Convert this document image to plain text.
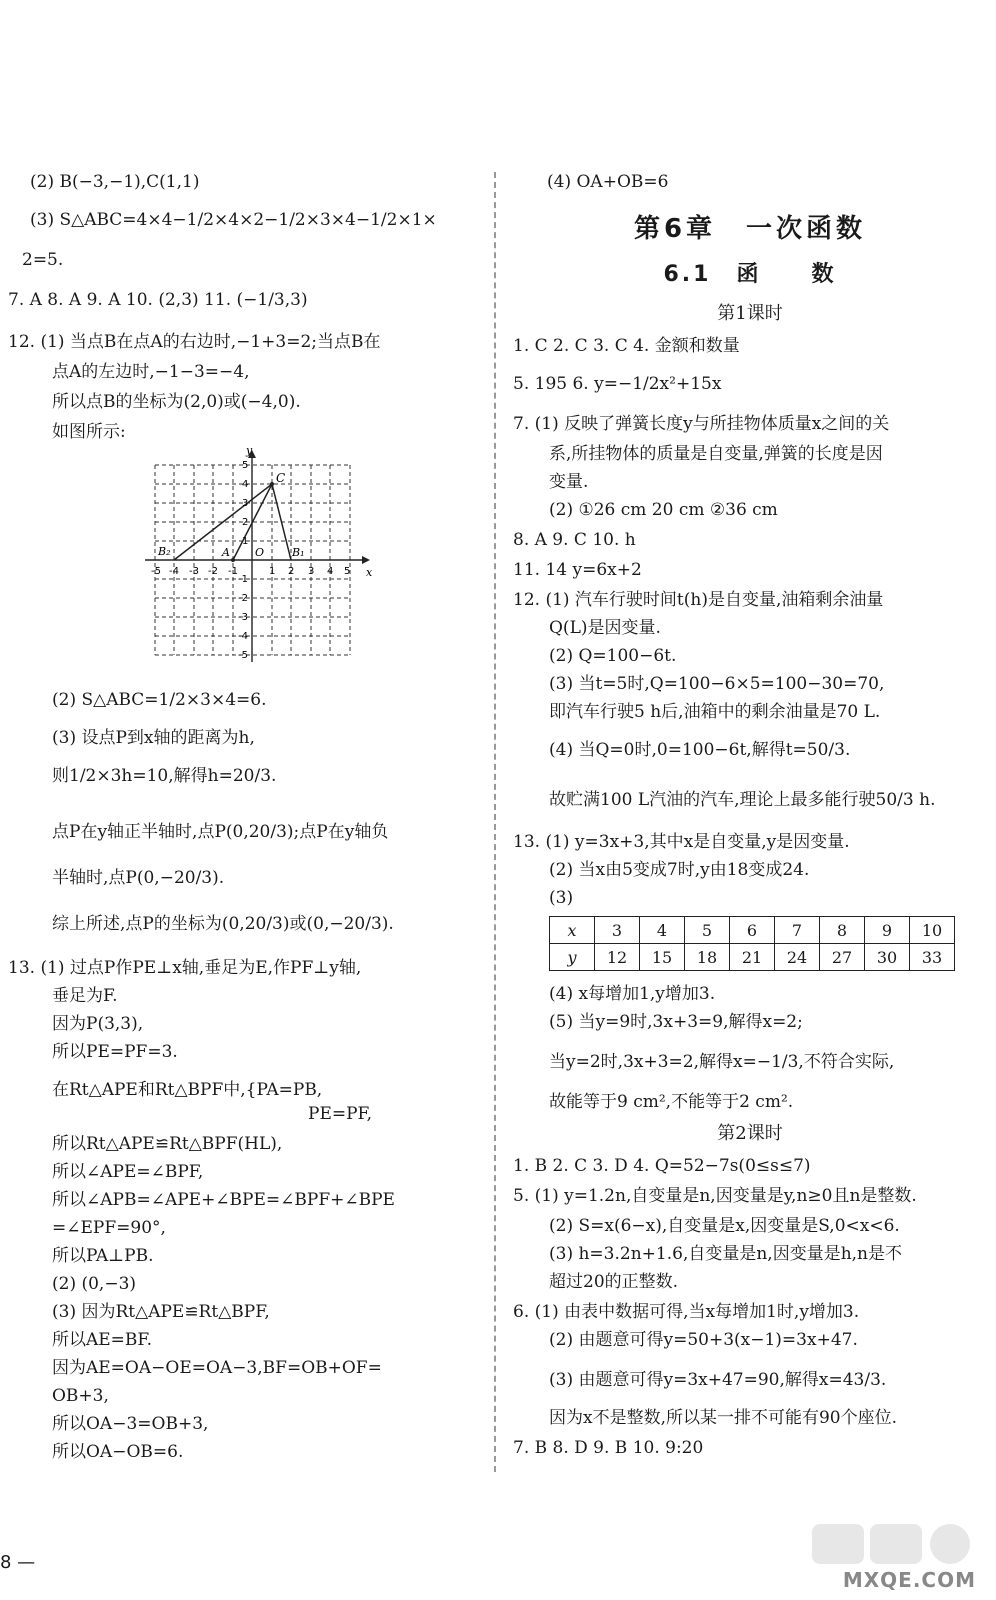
(2) B(−3,−1),C(1,1)
(3) S△ABC=4×4−1/2×4×2−1/2×3×4−1/2×1×
2=5.
7. A 8. A 9. A 10. (2,3) 11. (−1/3,3)
12. (1) 当点B在点A的右边时,−1+3=2;当点B在
点A的左边时,−1−3=−4,
所以点B的坐标为(2,0)或(−4,0).
如图所示:
y
x
C
B₁
B₂	A O
-5 -4 -3 -2 -1	1 2 3 4 5
5
4
3
2
1
-1
-2
-3
-4
-5
(2) S△ABC=1/2×3×4=6.
(3) 设点P到x轴的距离为h,
则1/2×3h=10,解得h=20/3.
点P在y轴正半轴时,点P(0,20/3);点P在y轴负
半轴时,点P(0,−20/3).
综上所述,点P的坐标为(0,20/3)或(0,−20/3).
13. (1) 过点P作PE⊥x轴,垂足为E,作PF⊥y轴,
垂足为F.
因为P(3,3),
所以PE=PF=3.
在Rt△APE和Rt△BPF中,{PA=PB,
PE=PF,
所以Rt△APE≌Rt△BPF(HL),
所以∠APE=∠BPF,
所以∠APB=∠APE+∠BPE=∠BPF+∠BPE
=∠EPF=90°,
所以PA⊥PB.
(2) (0,−3)
(3) 因为Rt△APE≌Rt△BPF,
所以AE=BF.
因为AE=OA−OE=OA−3,BF=OB+OF=
OB+3,
所以OA−3=OB+3,
所以OA−OB=6.
(4) OA+OB=6
第6章　一次函数
6.1　函　　数
第1课时
1. C 2. C 3. C 4. 金额和数量
5. 195 6. y=−1/2x²+15x
7. (1) 反映了弹簧长度y与所挂物体质量x之间的关
系,所挂物体的质量是自变量,弹簧的长度是因
变量.
(2) ①26 cm 20 cm ②36 cm
8. A 9. C 10. h
11. 14 y=6x+2
12. (1) 汽车行驶时间t(h)是自变量,油箱剩余油量
Q(L)是因变量.
(2) Q=100−6t.
(3) 当t=5时,Q=100−6×5=100−30=70,
即汽车行驶5 h后,油箱中的剩余油量是70 L.
(4) 当Q=0时,0=100−6t,解得t=50/3.
故贮满100 L汽油的汽车,理论上最多能行驶50/3 h.
13. (1) y=3x+3,其中x是自变量,y是因变量.
(2) 当x由5变成7时,y由18变成24.
(3)
x	3	4	5	6	7	8	9	10
y	12	15	18	21	24	27	30	33
(4) x每增加1,y增加3.
(5) 当y=9时,3x+3=9,解得x=2;
当y=2时,3x+3=2,解得x=−1/3,不符合实际,
故能等于9 cm²,不能等于2 cm².
第2课时
1. B 2. C 3. D 4. Q=52−7s(0≤s≤7)
5. (1) y=1.2n,自变量是n,因变量是y,n≥0且n是整数.
(2) S=x(6−x),自变量是x,因变量是S,0<x<6.
(3) h=3.2n+1.6,自变量是n,因变量是h,n是不
超过20的正整数.
6. (1) 由表中数据可得,当x每增加1时,y增加3.
(2) 由题意可得y=50+3(x−1)=3x+47.
(3) 由题意可得y=3x+47=90,解得x=43/3.
因为x不是整数,所以某一排不可能有90个座位.
7. B 8. D 9. B 10. 9:20
8 —
MXQE.COM
